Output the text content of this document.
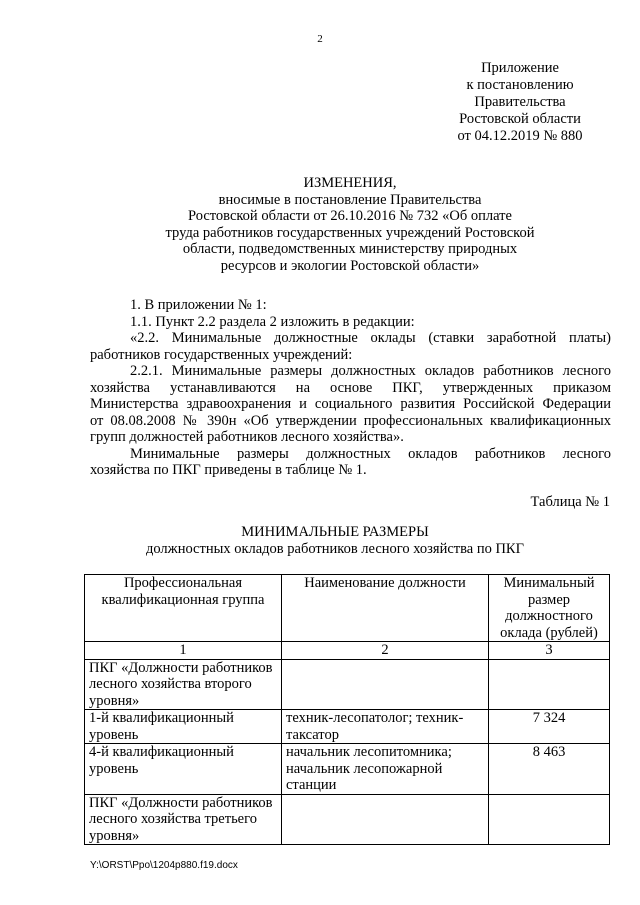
2
Приложение
к постановлению
Правительства
Ростовской области
от 04.12.2019 № 880
ИЗМЕНЕНИЯ,
вносимые в постановление Правительства
Ростовской области от 26.10.2016 № 732 «Об оплате
труда работников государственных учреждений Ростовской
области, подведомственных министерству природных
ресурсов и экологии Ростовской области»
1. В приложении № 1:
1.1. Пункт 2.2 раздела 2 изложить в редакции:
«2.2. Минимальные должностные оклады (ставки заработной платы)
работников государственных учреждений:
2.2.1. Минимальные размеры должностных окладов работников лесного
хозяйства устанавливаются на основе ПКГ, утвержденных приказом
Министерства здравоохранения и социального развития Российской Федерации
от 08.08.2008 № 390н «Об утверждении профессиональных квалификационных
групп должностей работников лесного хозяйства».
Минимальные размеры должностных окладов работников лесного
хозяйства по ПКГ приведены в таблице № 1.
Таблица № 1
МИНИМАЛЬНЫЕ РАЗМЕРЫ
должностных окладов работников лесного хозяйства по ПКГ
Профессиональная квалификационная группа	Наименование должности	Минимальный размер должностного оклада (рублей)
1	2	3
ПКГ «Должности работников лесного хозяйства второго уровня»		
1-й квалификационный уровень	техник-лесопатолог; техник-таксатор	7 324
4-й квалификационный уровень	начальник лесопитомника; начальник лесопожарной станции	8 463
ПКГ «Должности работников лесного хозяйства третьего уровня»		
Y:\ORST\Ppo\1204p880.f19.docx
